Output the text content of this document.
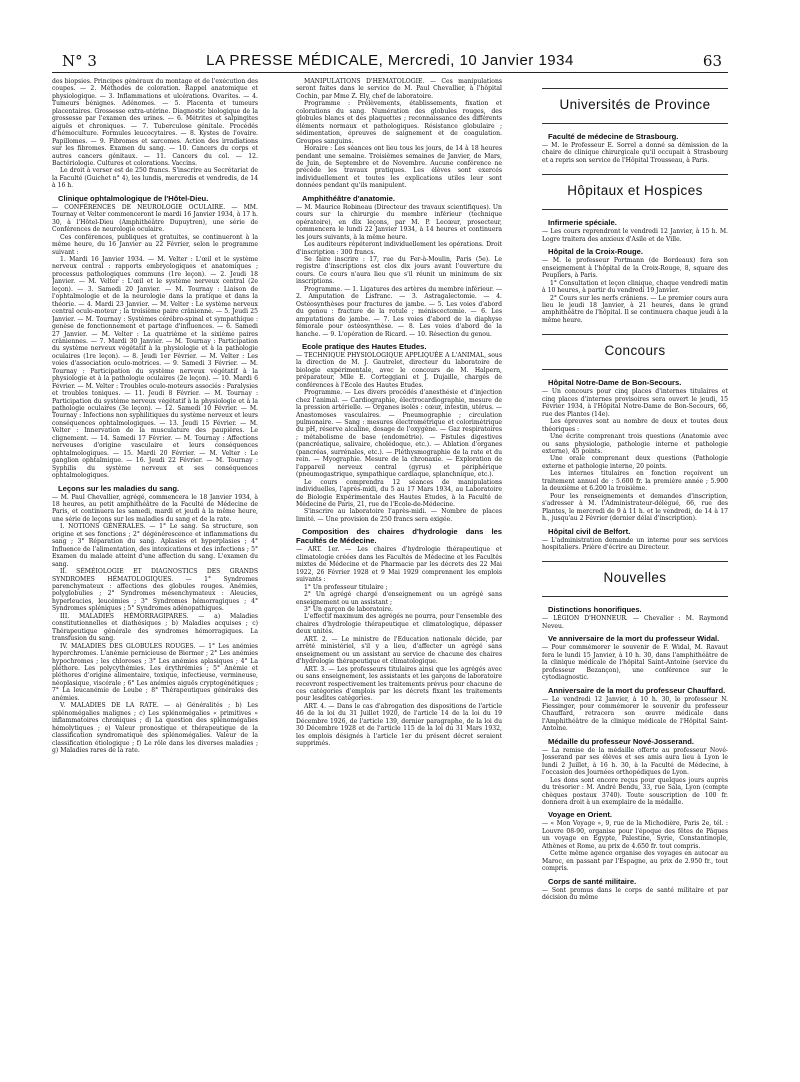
N° 3	LA PRESSE MÉDICALE, Mercredi, 10 Janvier 1934	63

des biopsies. Principes généraux du montage et de l'exécution des coupes. — 2. Méthodes de coloration. Rappel anatomique et physiologique. — 3. Inflammations et ulcérations. Ovarites. — 4. Tumeurs bénignes. Adénomes. — 5. Placenta et tumeurs placentaires. Grossesse extra-utérine. Diagnostic biologique de la grossesse par l'examen des urines. — 6. Métrites et salpingites aiguës et chroniques. — 7. Tuberculose génitale. Procédés d'hémoculture. Formules leucocytaires. — 8. Kystes de l'ovaire. Papillomes. — 9. Fibromes et sarcomes. Action des irradiations sur les fibromes. Examen du sang. — 10. Cancers du corps et autres cancers génitaux. — 11. Cancers du col. — 12. Bactériologie. Cultures et colorations. Vaccins.

Le droit à verser est de 250 francs. S'inscrire au Secrétariat de la Faculté (Guichet n° 4), les lundis, mercredis et vendredis, de 14 à 16 h.

Clinique ophtalmologique de l'Hôtel-Dieu.

— CONFÉRENCES DE NEUROLOGIE OCULAIRE. — MM. Tournay et Velter commenceront le mardi 16 Janvier 1934, à 17 h. 30, à l'Hôtel-Dieu (Amphithéâtre Dupuytren), une série de Conférences de neurologie oculaire.

Ces conférences, publiques et gratuites, se continueront à la même heure, du 16 Janvier au 22 Février, selon le programme suivant :

1. Mardi 16 Janvier 1934. — M. Velter : L'œil et le système nerveux central : rapports embryologiques et anatomiques ; processus pathologiques communs (1re leçon). — 2. Jeudi 18 Janvier. — M. Velter : L'œil et le système nerveux central (2e leçon). — 3. Samedi 20 Janvier. — M. Tournay : Liaison de l'ophtalmologie et de la neurologie dans la pratique et dans la théorie. — 4. Mardi 23 Janvier. — M. Velter : Le système nerveux central oculo-moteur ; la troisième paire crânienne. — 5. Jeudi 25 Janvier. — M. Tournay : Systèmes cérébro-spinal et sympathique : genèse de fonctionnement et partage d'influences. — 6. Samedi 27 Janvier. — M. Velter : La quatrième et la sixième paires crâniennes. — 7. Mardi 30 Janvier. — M. Tournay : Participation du système nerveux végétatif à la physiologie et à la pathologie oculaires (1re leçon). — 8. Jeudi 1er Février. — M. Velter : Les voies d'association oculo-motrices. — 9. Samedi 3 Février. — M. Tournay : Participation du système nerveux végétatif à la physiologie et à la pathologie oculaires (2e leçon). — 10. Mardi 6 Février. — M. Velter : Troubles oculo-moteurs associés : Paralysies et troubles toniques. — 11. Jeudi 8 Février. — M. Tournay : Participation du système nerveux végétatif à la physiologie et à la pathologie oculaires (3e leçon). — 12. Samedi 10 Février. — M. Tournay : Infections non syphilitiques du système nerveux et leurs conséquences ophtalmologiques. — 13. Jeudi 15 Février. — M. Velter : Innervation de la musculature des paupières. Le clignement. — 14. Samedi 17 Février. — M. Tournay : Affections nerveuses d'origine vasculaire et leurs conséquences ophtalmologiques. — 15. Mardi 20 Février. — M. Velter : Le ganglion ophtalmique. — 16. Jeudi 22 Février. — M. Tournay : Syphilis du système nerveux et ses conséquences ophtalmologiques.

Leçons sur les maladies du sang.

— M. Paul Chevallier, agrégé, commencera le 18 Janvier 1934, à 18 heures, au petit amphithéâtre de la Faculté de Médecine de Paris, et continuera les samedi, mardi et jeudi à la même heure, une série de leçons sur les maladies du sang et de la rate.

I. NOTIONS GÉNÉRALES. — 1° Le sang. Sa structure, son origine et ses fonctions ; 2° dégénérescence et inflammations du sang ; 3° Réparation du sang. Aplasies et hyperplasies ; 4° Influence de l'alimentation, des intoxications et des infections ; 5° Examen du malade atteint d'une affection du sang. L'examen du sang.

II. SÉMÉIOLOGIE ET DIAGNOSTICS DES GRANDS SYNDROMES HÉMATOLOGIQUES. — 1° Syndromes parenchymateux : affections des globules rouges. Anémies, polyglobulies ; 2° Syndromes mésenchymateux : Aleucies, hyperleucies, leucémies ; 3° Syndromes hémorragiques ; 4° Syndromes spléniques ; 5° Syndromes adénopathiques.

III. MALADIES HÉMORRAGIPARES. — a) Maladies constitutionnelles et diathésiques ; b) Maladies acquises ; c) Thérapeutique générale des syndromes hémorragiques. La transfusion du sang.

IV. MALADIES DES GLOBULES ROUGES. — 1° Les anémies hyperchromes. L'anémie pernicieuse de Biermer ; 2° Les anémies hypochromes ; les chloroses ; 3° Les anémies aplasiques ; 4° La pléthore. Les polycythémies. Les érythrémies ; 5° Anémie et pléthores d'origine alimentaire, toxique, infectieuse, vermineuse, néoplasique, viscérale ; 6° Les anémies aiguës cryptogénétiques ; 7° La leucanémie de Leube ; 8° Thérapeutiques générales des anémies.

V. MALADIES DE LA RATE. — a) Généralités ; b) Les splénomégalies malignes ; c) Les splénomégalies « primitives » inflammatoires chroniques ; d) La question des splénomégalies hémolytiques ; e) Valeur pronostique et thérapeutique de la classification syndromatique des splénomégalies. Valeur de la classification étiologique ; f) Le rôle dans les diverses maladies ; g) Maladies rares de la rate.

MANIPULATIONS D'HÉMATOLOGIE. — Ces manipulations seront faites dans le service de M. Paul Chevallier, à l'hôpital Cochin, par Mme Z. Ely, chef de laboratoire.

Programme : Prélèvements, établissements, fixation et colorations du sang. Numération des globules rouges, des globules blancs et des plaquettes ; reconnaissance des différents éléments normaux et pathologiques. Résistance globulaire ; sédimentation, épreuves de saignement et de coagulation. Groupes sanguins.

Horaire : Les séances ont lieu tous les jours, de 14 à 18 heures pendant une semaine. Troisièmes semaines de Janvier, de Mars, de Juin, de Septembre et de Novembre. Aucune conférence ne précède les travaux pratiques. Les élèves sont exercés individuellement et toutes les explications utiles leur sont données pendant qu'ils manipulent.

Amphithéâtre d'anatomie.

— M. Maurice Robineau (Directeur des travaux scientifiques). Un cours sur la chirurgie du membre inférieur (technique opératoire), en dix leçons, par M. P. Lecœur, prosecteur, commencera le lundi 22 Janvier 1934, à 14 heures et continuera les jours suivants, à la même heure.

Les auditeurs répéteront individuellement les opérations. Droit d'inscription : 300 francs.

Se faire inscrire : 17, rue du Fer-à-Moulin, Paris (5e). Le registre d'inscriptions est clos dix jours avant l'ouverture du cours. Ce cours n'aura lieu que s'il réunit un minimum de six inscriptions.

Programme. — 1. Ligatures des artères du membre inférieur. — 2. Amputation de Lisfranc. — 3. Astragalectomie. — 4. Ostéosynthèses pour fractures de jambe. — 5. Les voies d'abord du genou : fracture de la rotule ; méniscectomie. — 6. Les amputations de jambe. — 7. Les voies d'abord de la diaphyse fémorale pour ostéosynthèse. — 8. Les voies d'abord de la hanche. — 9. L'opération de Ricard. — 10. Résection du genou.

Ecole pratique des Hautes Etudes.

— TECHNIQUE PHYSIOLOGIQUE APPLIQUÉE A L'ANIMAL, sous la direction de M. J. Gautrelet, directeur du laboratoire de biologie expérimentale, avec le concours de M. Halpern, préparateur, Mlle E. Corteggiani et J. Dujaille, chargés de conférences à l'Ecole des Hautes Etudes.

Programme. — Les divers procédés d'anesthésie et d'injection chez l'animal. — Cardiographie, électrocardiographie, mesure de la pression artérielle. — Organes isolés : cœur, intestin, utérus. — Anastomoses vasculaires. — Pneumographie ; circulation pulmonaire. — Sang : mesures électrométrique et colorimétrique du pH, réserve alcaline, dosage de l'oxygène. — Gaz respiratoires ; métabolisme de base (endométrie). — Fistules digestives (pancréatique, salivaire, cholédoque, etc.). — Ablation d'organes (pancréas, surrénales, etc.). — Pléthysmographie de la rate et du rein. — Myographie. Mesure de la chronaxie. — Exploration de l'appareil nerveux central (gyrus) et périphérique (pneumogastrique, sympathique cardiaque, splanchnique, etc.).

Le cours comprendra 12 séances de manipulations individuelles, l'après-midi, du 5 au 17 Mars 1934, au Laboratoire de Biologie Expérimentale des Hautes Etudes, à la Faculté de Médecine de Paris, 21, rue de l'Ecole-de-Médecine.

S'inscrire au laboratoire l'après-midi. — Nombre de places limité. — Une provision de 250 francs sera exigée.

Composition des chaires d'hydrologie dans les Facultés de Médecine.

— ART. 1er. — Les chaires d'hydrologie thérapeutique et climatologie créées dans les Facultés de Médecine et les Facultés mixtes de Médecine et de Pharmacie par les décrets des 22 Mai 1922, 26 Février 1928 et 9 Mai 1929 comprennent les emplois suivants :

1° Un professeur titulaire ;

2° Un agrégé chargé d'enseignement ou un agrégé sans enseignement ou un assistant ;

3° Un garçon de laboratoire.

L'effectif maximum des agrégés ne pourra, pour l'ensemble des chaires d'hydrologie thérapeutique et climatologique, dépasser deux unités.

ART. 2. — Le ministre de l'Education nationale décide, par arrêté ministériel, s'il y a lieu, d'affecter un agrégé sans enseignement ou un assistant au service de chacune des chaires d'hydrologie thérapeutique et climatologique.

ART. 3. — Les professeurs titulaires ainsi que les agrégés avec ou sans enseignement, les assistants et les garçons de laboratoire recevront respectivement les traitements prévus pour chacune de ces catégories d'emplois par les décrets fixant les traitements pour lesdites catégories.

ART. 4. — Dans le cas d'abrogation des dispositions de l'article 46 de la loi du 31 Juillet 1920, de l'article 14 de la loi du 19 Décembre 1926, de l'article 139, dernier paragraphe, de la loi du 30 Décembre 1928 et de l'article 115 de la loi du 31 Mars 1932, les emplois désignés à l'article 1er du présent décret seraient supprimés.

Universités de Province
Faculté de médecine de Strasbourg.

— M. le Professeur E. Sorrel a donné sa démission de la chaire de clinique chirurgicale qu'il occupait à Strasbourg et a repris son service de l'Hôpital Trousseau, à Paris.

Hôpitaux et Hospices
Infirmerie spéciale.

— Les cours reprendront le vendredi 12 Janvier, à 15 h. M. Logre traitera des anxieux d'Asile et de Ville.

Hôpital de la Croix-Rouge.

— M. le professeur Portmann (de Bordeaux) fera son enseignement à l'hôpital de la Croix-Rouge, 8, square des Peupliers, à Paris.

1° Consultation et leçon clinique, chaque vendredi matin à 10 heures, à partir du vendredi 19 Janvier.

2° Cours sur les nerfs crâniens. — Le premier cours aura lieu le jeudi 18 Janvier, à 21 heures, dans le grand amphithéâtre de l'hôpital. Il se continuera chaque jeudi à la même heure.

Concours
Hôpital Notre-Dame de Bon-Secours.

— Un concours pour cinq places d'internes titulaires et cinq places d'internes provisoires sera ouvert le jeudi, 15 Février 1934, à l'Hôpital Notre-Dame de Bon-Secours, 66, rue des Plantes (14e).

Les épreuves sont au nombre de deux et toutes deux théoriques :

Une écrite comprenant trois questions (Anatomie avec ou sans physiologie, pathologie interne et pathologie externe), 45 points.

Une orale comprenant deux questions (Pathologie externe et pathologie interne, 20 points.

Les internes titulaires en fonction reçoivent un traitement annuel de : 5.600 fr. la première année ; 5.900 la deuxième et 6.200 la troisième.

Pour les renseignements et demandes d'inscription, s'adresser à M. l'Administrateur-délégué, 66, rue des Plantes, le mercredi de 9 à 11 h. et le vendredi, de 14 à 17 h., jusqu'au 2 Février (dernier délai d'inscription).

Hôpital civil de Belfort.

— L'administration demande un interne pour ses services hospitaliers. Prière d'écrire au Directeur.

Nouvelles
Distinctions honorifiques.

— LÉGION D'HONNEUR. — Chevalier : M. Raymond Neveu.

Ve anniversaire de la mort du professeur Widal.

— Pour commémorer le souvenir de F. Widal, M. Ravaut fera le lundi 15 Janvier, à 10 h. 30, dans l'amphithéâtre de la clinique médicale de l'hôpital Saint-Antoine (service du professeur Bezançon), une conférence sur le cytodiagnostic.

Anniversaire de la mort du professeur Chauffard.

— Le vendredi 12 Janvier, à 10 h. 30, le professeur N. Fiessinger, pour commémorer le souvenir du professeur Chauffard, retracera son œuvre médicale dans l'Amphithéâtre de la clinique médicale de l'Hôpital Saint-Antoine.

Médaille du professeur Nové-Josserand.

— La remise de la médaille offerte au professeur Nové-Josserand par ses élèves et ses amis aura lieu à Lyon le lundi 2 Juillet, à 16 h. 30, à la Faculté de Médecine, à l'occasion des Journées orthopédiques de Lyon.

Les dons sont encore reçus pour quelques jours auprès du trésorier : M. André Bendu, 33, rue Sala, Lyon (compte chèques postaux 3740). Toute souscription de 100 fr. donnera droit à un exemplaire de la médaille.

Voyage en Orient.

— « Mon Voyage », 9, rue de la Michodière, Paris 2e, tél. : Louvre 08-90, organise pour l'époque des fêtes de Pâques un voyage en Egypte, Palestine, Syrie, Constantinople, Athènes et Rome, au prix de 4.650 fr. tout compris.

Cette même agence organise des voyages en autocar au Maroc, en passant par l'Espagne, au prix de 2.950 fr., tout compris.

Corps de santé militaire.

— Sont promus dans le corps de santé militaire et par décision du même
